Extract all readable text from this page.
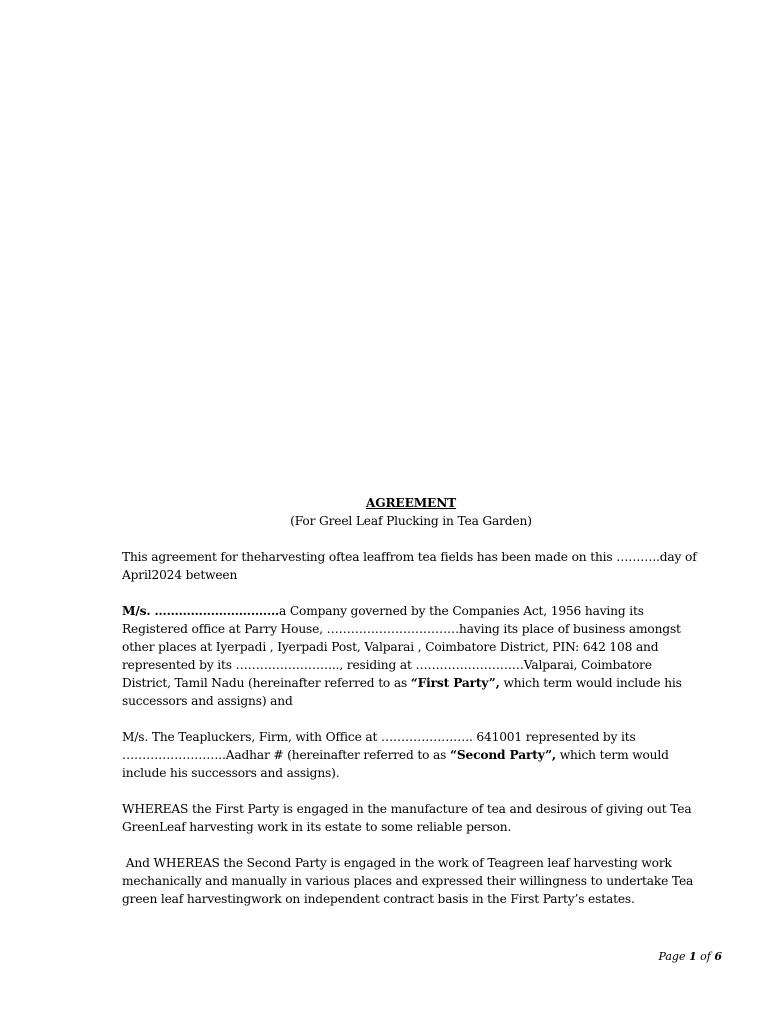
AGREEMENT

(For Greel Leaf Plucking in Tea Garden)

This agreement for theharvesting oftea leaffrom tea fields has been made on this ………..day of April2024 between

M/s. ……………………….…a Company governed by the Companies Act, 1956 having its Registered office at Parry House, ……………………………having its place of business amongst other places at Iyerpadi , Iyerpadi Post, Valparai , Coimbatore District, PIN: 642 108 and represented by its …………………….., residing at ………………………Valparai, Coimbatore District, Tamil Nadu (hereinafter referred to as “First Party”, which term would include his successors and assigns) and

M/s. The Teapluckers, Firm, with Office at ………………….. 641001 represented by its ……………………..Aadhar # (hereinafter referred to as “Second Party”, which term would include his successors and assigns).

WHEREAS the First Party is engaged in the manufacture of tea and desirous of giving out Tea GreenLeaf harvesting work in its estate to some reliable person.

And WHEREAS the Second Party is engaged in the work of Teagreen leaf harvesting work mechanically and manually in various places and expressed their willingness to undertake Tea green leaf harvestingwork on independent contract basis in the First Party’s estates.

Page 1 of 6
